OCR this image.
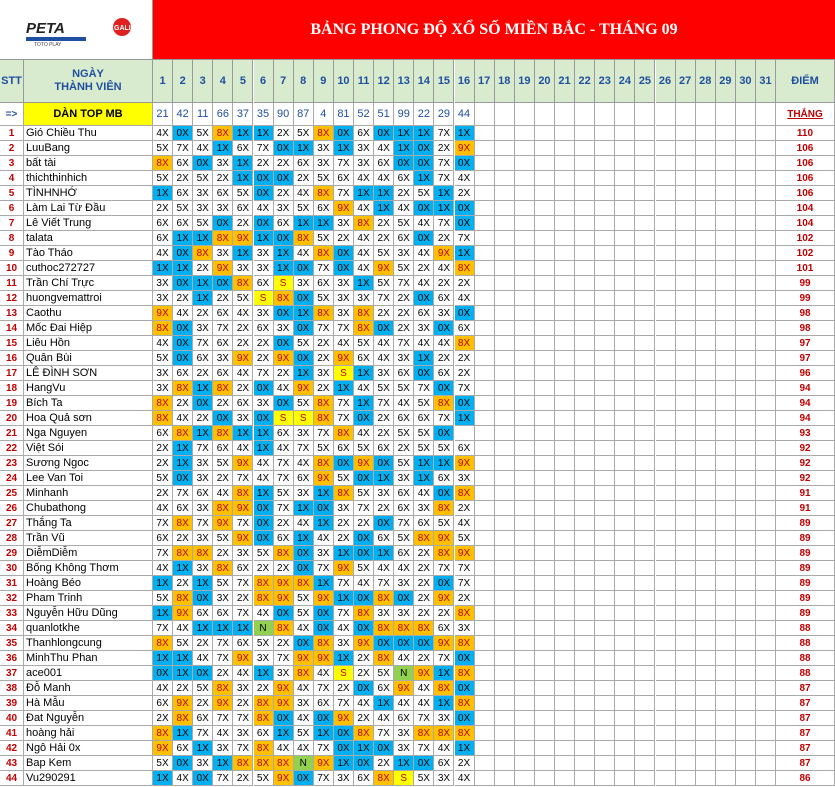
PETA	GALI
TOTO PLAY
BẢNG PHONG ĐỘ XỔ SỐ MIỀN BẮC - THÁNG 09
STT
NGÀY
THÀNH VIÊN
1	2	3	4	5	6	7	8	9 10 11 12 13 14 15 16 17 18 19 20 21 22 23 24 25 26 27 28 29 30 31	ĐIỂM
=>	DÀN TOP MB	21 42 11 66 37 35 90 87 4 81 52 51 99 22 29 44	THẮNG
1	Gió Chiều Thu	4X 0X 5X 8X 1X 1X 2X 5X 8X 0X 6X 0X 1X 1X 7X 1X	110
2	LuuBang	5X 7X 4X 1X 6X 7X 0X 1X 3X 1X 3X 4X 1X 0X 2X 9X	106
3	bất tài	8X 6X 0X 3X 1X 2X 2X 6X 3X 7X 3X 6X 0X 0X 7X 0X	106
4	thichthinhich	5X 2X 5X 2X 1X 0X 0X 2X 5X 6X 4X 4X 6X 1X 7X 4X	106
5	TÌNHNHỚ	1X 6X 3X 6X 5X 0X 2X 4X 8X 7X 1X 1X 2X 5X 1X 2X	106
6	Làm Lai Từ Đầu	2X 5X 3X 3X 6X 4X 3X 5X 6X 9X 4X 1X 4X 0X 1X 0X	104
7	Lê Viết Trung	6X 6X 5X 0X 2X 0X 6X 1X 1X 3X 8X 2X 5X 4X 7X 0X	104
8	talata	6X 1X 1X 8X 9X 1X 0X 8X 5X 2X 4X 2X 6X 0X 2X 7X	102
9	Tào Tháo	4X 0X 8X 3X 1X 3X 1X 4X 8X 0X 4X 5X 3X 4X 9X 1X	102
10 cuthoc272727	1X 1X 2X 9X 3X 3X 1X 0X 7X 0X 4X 9X 5X 2X 4X 8X	101
11 Trần Chí Trực	3X 0X 1X 0X 8X 6X	S	3X 6X 3X 1X 5X 7X 4X 2X 2X	99
12 huongvemattroi	3X 2X 1X 2X 5X	S	8X 0X 5X 3X 3X 7X 2X 0X 6X 4X	99
13 Caothu	9X 4X 2X 6X 4X 3X 0X 1X 8X 3X 8X 2X 2X 6X 3X 0X	98
14 Mốc Đai Hiệp	8X 0X 3X 7X 2X 6X 3X 0X 7X 7X 8X 0X 2X 3X 0X 6X	98
15 Liêu Hồn	4X 0X 7X 6X 2X 2X 0X 5X 2X 4X 5X 4X 7X 4X 4X 8X	97
16 Quân Bùi	5X 0X 6X 3X 9X 2X 9X 0X 2X 9X 6X 4X 3X 1X 2X 2X	97
17 LÊ ĐÌNH SƠN	3X 6X 2X 6X 4X 7X 2X 1X 3X	S	1X 3X 6X 0X 6X 2X	96
18 HangVu	3X 8X 1X 8X 2X 0X 4X 9X 2X 1X 4X 5X 5X 7X 0X 7X	94
19 Bích Ta	8X 2X 0X 2X 6X 3X 0X 5X 8X 7X 1X 7X 4X 5X 8X 0X	94
20 Hoa Quả sơn	8X 4X 2X 0X 3X 0X	S	S	8X 7X 0X 2X 6X 6X 7X 1X	94
21 Nga Nguyen	6X 8X 1X 8X 1X 1X 6X 3X 7X 8X 4X 2X 5X 5X 0X	93
22 Việt Sói	2X 1X 7X 6X 4X 1X 4X 7X 5X 6X 5X 6X 2X 5X 5X 6X	92
23 Sương Ngoc	2X 1X 3X 5X 9X 4X 7X 4X 8X 0X 9X 0X 5X 1X 1X 9X	92
24 Lee Van Toi	5X 0X 3X 2X 7X 4X 7X 6X 9X 5X 0X 1X 3X 1X 6X 3X	92
25 Minhanh	2X 7X 6X 4X 8X 1X 5X 3X 1X 8X 5X 3X 6X 4X 0X 8X	91
26 Chubathong	4X 6X 3X 8X 9X 0X 7X 1X 0X 3X 7X 2X 6X 3X 8X 2X	91
27 Thắng Ta	7X 8X 7X 9X 7X 0X 2X 4X 1X 2X 2X 0X 7X 6X 5X 4X	89
28 Trần Vũ	6X 2X 3X 5X 9X 0X 6X 1X 4X 2X 0X 6X 5X 8X 9X 5X	89
29 DiễmDiễm	7X 8X 8X 2X 3X 5X 8X 0X 3X 1X 0X 1X 6X 2X 8X 9X	89
30 Bống Không Thơm	4X 1X 3X 8X 6X 2X 2X 0X 7X 9X 5X 4X 4X 2X 7X 7X	89
31 Hoàng Béo	1X 2X 1X 5X 7X 8X 9X 8X 1X 7X 4X 7X 3X 2X 0X 7X	89
32 Pham Trinh	5X 8X 0X 3X 2X 8X 9X 5X 9X 1X 0X 8X 0X 2X 9X 2X	89
33 Nguyễn Hữu Dũng	1X 9X 6X 6X 7X 4X 0X 5X 0X 7X 8X 3X 3X 2X 2X 8X	89
34 quanlotkhe	7X 4X 1X 1X 1X	N	8X 4X 0X 4X 0X 8X 8X 8X 6X 3X	88
35 Thanhlongcung	8X 5X 2X 7X 6X 5X 2X 0X 8X 3X 9X 0X 0X 0X 9X 8X	88
36 MinhThu Phan	1X 1X 4X 7X 9X 3X 7X 9X 9X 1X 2X 8X 4X 2X 7X 0X	88
37 ace001	0X 1X 0X 2X 4X 1X 3X 8X 4X	S	2X 5X	N	9X 1X 8X	88
38 Đỗ Manh	4X 2X 5X 8X 3X 2X 9X 4X 7X 2X 0X 6X 9X 4X 8X 0X	87
39 Hà Mẫu	6X 9X 2X 9X 2X 8X 9X 3X 6X 7X 4X 1X 4X 4X 1X 8X	87
40 Đat Nguyễn	2X 8X 6X 7X 7X 8X 0X 4X 0X 9X 2X 4X 6X 7X 3X 0X	87
41 hoàng hải	8X 1X 7X 4X 3X 6X 1X 5X 1X 0X 8X 7X 3X 8X 8X 8X	87
42 Ngô Hải 0x	9X 6X 1X 3X 7X 8X 4X 4X 7X 0X 1X 0X 3X 7X 4X 1X	87
43 Bap Kem	5X 0X 3X 1X 8X 8X 8X	N	9X 1X 0X 2X 1X 0X 6X 2X	87
44 Vu290291	1X 4X 0X 7X 2X 5X 9X 0X 7X 3X 6X 8X	S	5X 3X 4X	86
